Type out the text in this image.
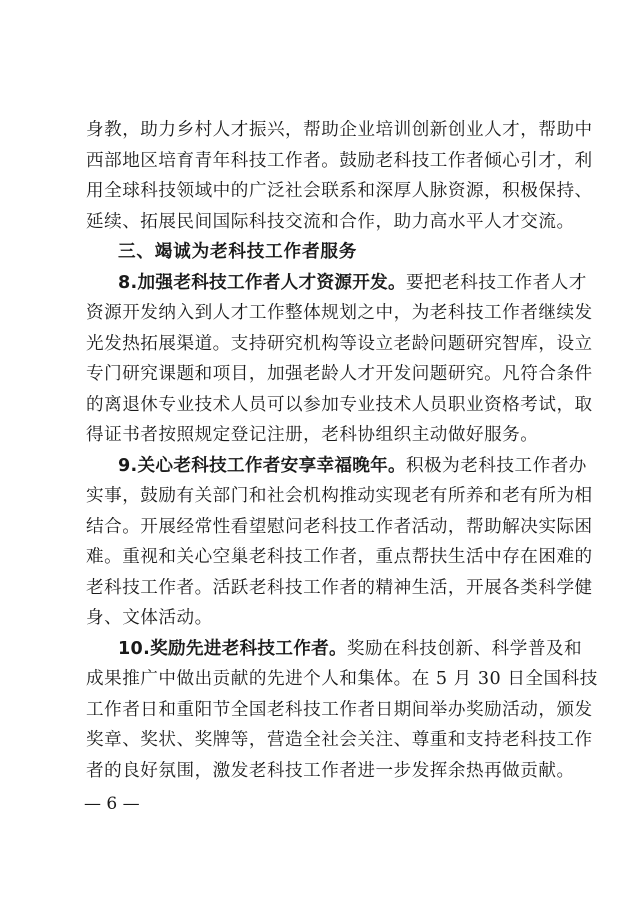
身教，助力乡村人才振兴，帮助企业培训创新创业人才，帮助中
西部地区培育青年科技工作者。鼓励老科技工作者倾心引才，利
用全球科技领域中的广泛社会联系和深厚人脉资源，积极保持、
延续、拓展民间国际科技交流和合作，助力高水平人才交流。
三、竭诚为老科技工作者服务
8.加强老科技工作者人才资源开发。要把老科技工作者人才
资源开发纳入到人才工作整体规划之中，为老科技工作者继续发
光发热拓展渠道。支持研究机构等设立老龄问题研究智库，设立
专门研究课题和项目，加强老龄人才开发问题研究。凡符合条件
的离退休专业技术人员可以参加专业技术人员职业资格考试，取
得证书者按照规定登记注册，老科协组织主动做好服务。
9.关心老科技工作者安享幸福晚年。积极为老科技工作者办
实事，鼓励有关部门和社会机构推动实现老有所养和老有所为相
结合。开展经常性看望慰问老科技工作者活动，帮助解决实际困
难。重视和关心空巢老科技工作者，重点帮扶生活中存在困难的
老科技工作者。活跃老科技工作者的精神生活，开展各类科学健
身、文体活动。
10.奖励先进老科技工作者。奖励在科技创新、科学普及和
成果推广中做出贡献的先进个人和集体。在 5 月 30 日全国科技
工作者日和重阳节全国老科技工作者日期间举办奖励活动，颁发
奖章、奖状、奖牌等，营造全社会关注、尊重和支持老科技工作
者的良好氛围，激发老科技工作者进一步发挥余热再做贡献。
— 6 —
